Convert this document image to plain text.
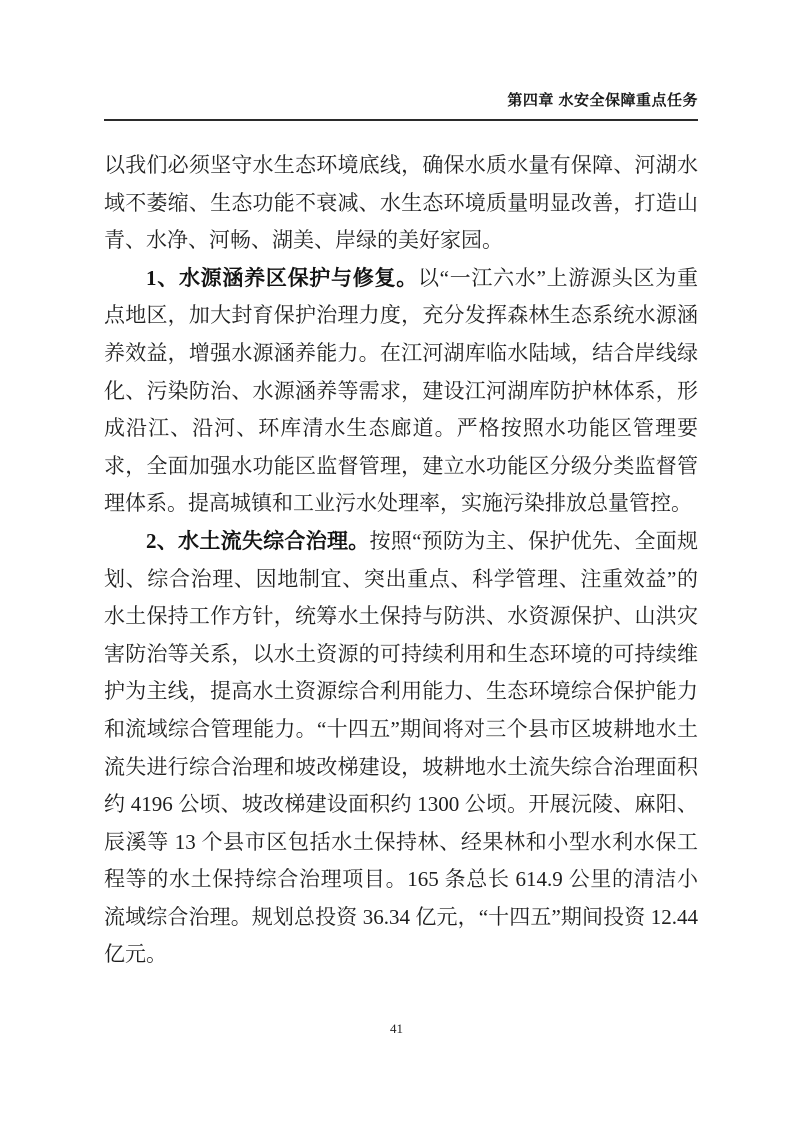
第四章 水安全保障重点任务

以我们必须坚守水生态环境底线，确保水质水量有保障、河湖水域不萎缩、生态功能不衰减、水生态环境质量明显改善，打造山青、水净、河畅、湖美、岸绿的美好家园。

1、水源涵养区保护与修复。以“一江六水”上游源头区为重点地区，加大封育保护治理力度，充分发挥森林生态系统水源涵养效益，增强水源涵养能力。在江河湖库临水陆域，结合岸线绿化、污染防治、水源涵养等需求，建设江河湖库防护林体系，形成沿江、沿河、环库清水生态廊道。严格按照水功能区管理要求，全面加强水功能区监督管理，建立水功能区分级分类监督管理体系。提高城镇和工业污水处理率，实施污染排放总量管控。

2、水土流失综合治理。按照“预防为主、保护优先、全面规划、综合治理、因地制宜、突出重点、科学管理、注重效益”的水土保持工作方针，统筹水土保持与防洪、水资源保护、山洪灾害防治等关系，以水土资源的可持续利用和生态环境的可持续维护为主线，提高水土资源综合利用能力、生态环境综合保护能力和流域综合管理能力。“十四五”期间将对三个县市区坡耕地水土流失进行综合治理和坡改梯建设，坡耕地水土流失综合治理面积约 4196 公顷、坡改梯建设面积约 1300 公顷。开展沅陵、麻阳、辰溪等 13 个县市区包括水土保持林、经果林和小型水利水保工程等的水土保持综合治理项目。165 条总长 614.9 公里的清洁小流域综合治理。规划总投资 36.34 亿元，“十四五”期间投资 12.44 亿元。

41
